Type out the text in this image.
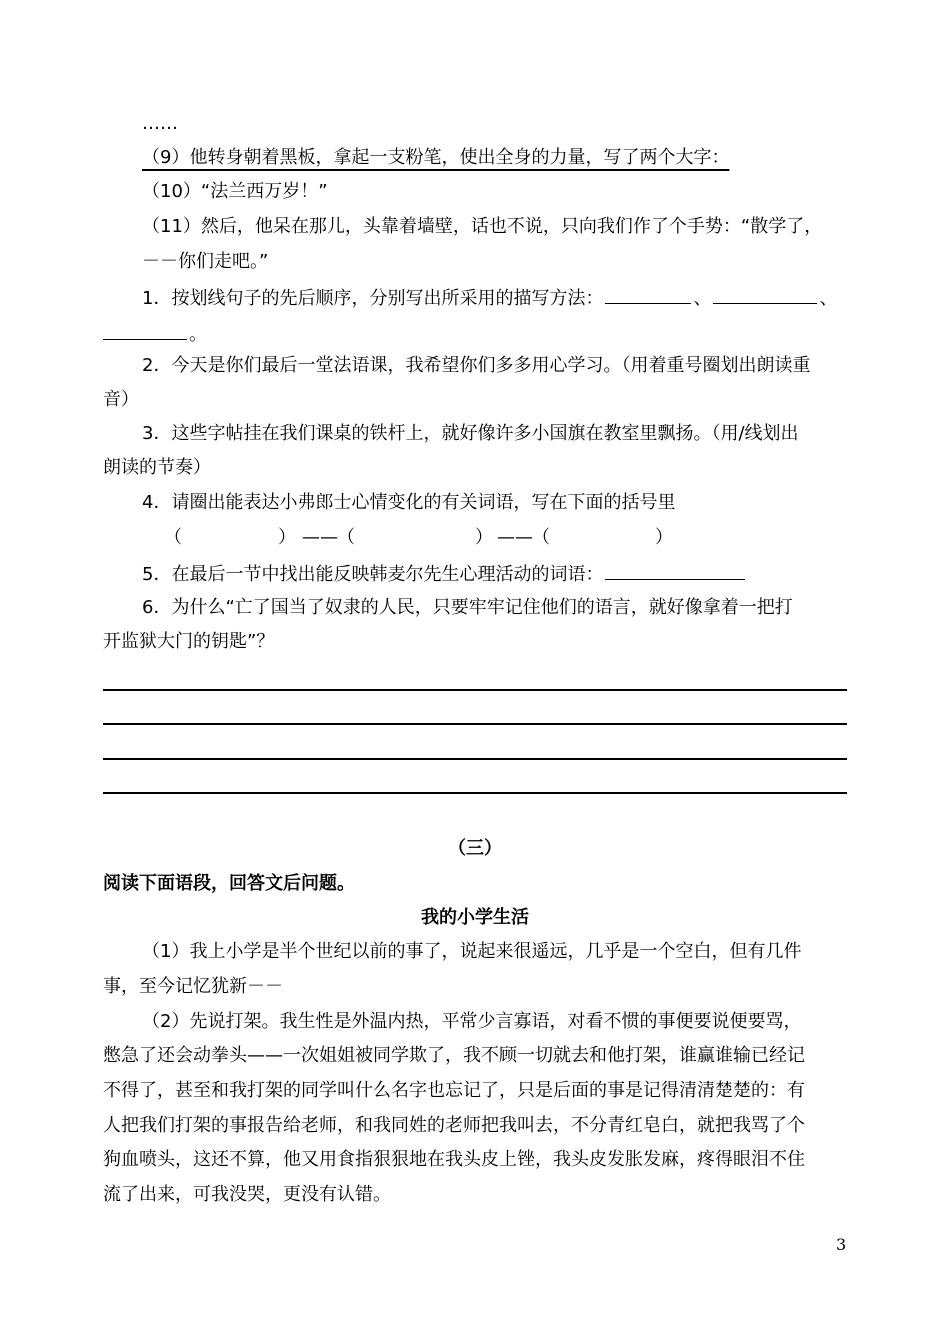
……
（9）他转身朝着黑板，拿起一支粉笔，使出全身的力量，写了两个大字：
（10）“法兰西万岁！”
（11）然后，他呆在那儿，头靠着墙壁，话也不说，只向我们作了个手势：“散学了，
－－你们走吧。”
1．按划线句子的先后顺序，分别写出所采用的描写方法：	、	、
。
2．今天是你们最后一堂法语课，我希望你们多多用心学习。（用着重号圈划出朗读重
音）
3．这些字帖挂在我们课桌的铁杆上，就好像许多小国旗在教室里飘扬。（用/线划出
朗读的节奏）
4．请圈出能表达小弗郎士心情变化的有关词语，写在下面的括号里
（	） —— （	） —— （	）
5．在最后一节中找出能反映韩麦尔先生心理活动的词语：
6．为什么“亡了国当了奴隶的人民，只要牢牢记住他们的语言，就好像拿着一把打
开监狱大门的钥匙”？
（三）
阅读下面语段，回答文后问题。
我的小学生活
（1）我上小学是半个世纪以前的事了，说起来很遥远，几乎是一个空白，但有几件
事，至今记忆犹新－－
（2）先说打架。我生性是外温内热，平常少言寡语，对看不惯的事便要说便要骂，
憋急了还会动拳头——一次姐姐被同学欺了，我不顾一切就去和他打架，谁赢谁输已经记
不得了，甚至和我打架的同学叫什么名字也忘记了，只是后面的事是记得清清楚楚的：有
人把我们打架的事报告给老师，和我同姓的老师把我叫去，不分青红皂白，就把我骂了个
狗血喷头，这还不算，他又用食指狠狠地在我头皮上锉，我头皮发胀发麻，疼得眼泪不住
流了出来，可我没哭，更没有认错。
3
